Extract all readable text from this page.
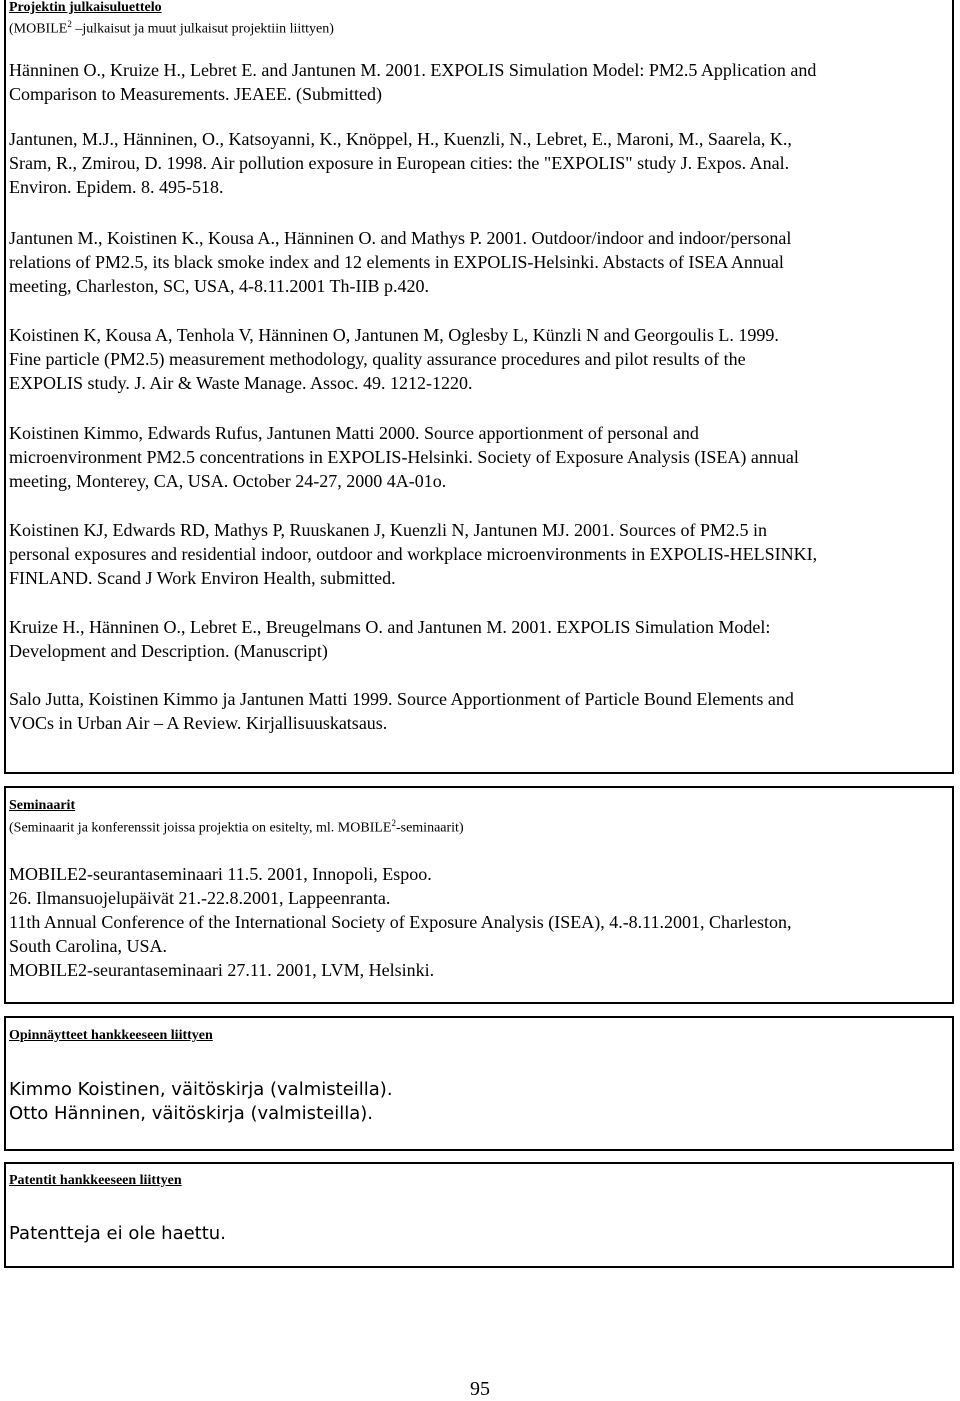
Projektin julkaisuluettelo
(MOBILE$^2$ –julkaisut ja muut julkaisut projektiin liittyen)
Hänninen O., Kruize H., Lebret E. and Jantunen M. 2001. EXPOLIS Simulation Model: PM2.5 Application and
Comparison to Measurements. JEAEE. (Submitted)
Jantunen, M.J., Hänninen, O., Katsoyanni, K., Knöppel, H., Kuenzli, N., Lebret, E., Maroni, M., Saarela, K.,
Sram, R., Zmirou, D. 1998. Air pollution exposure in European cities: the "EXPOLIS" study J. Expos. Anal.
Environ. Epidem. 8. 495-518.
Jantunen M., Koistinen K., Kousa A., Hänninen O. and Mathys P. 2001. Outdoor/indoor and indoor/personal
relations of PM2.5, its black smoke index and 12 elements in EXPOLIS-Helsinki. Abstacts of ISEA Annual
meeting, Charleston, SC, USA, 4-8.11.2001 Th-IIB p.420.
Koistinen K, Kousa A, Tenhola V, Hänninen O, Jantunen M, Oglesby L, Künzli N and Georgoulis L. 1999.
Fine particle (PM2.5) measurement methodology, quality assurance procedures and pilot results of the
EXPOLIS study. J. Air & Waste Manage. Assoc. 49. 1212-1220.
Koistinen Kimmo, Edwards Rufus, Jantunen Matti 2000. Source apportionment of personal and
microenvironment PM2.5 concentrations in EXPOLIS-Helsinki. Society of Exposure Analysis (ISEA) annual
meeting, Monterey, CA, USA. October 24-27, 2000 4A-01o.
Koistinen KJ, Edwards RD, Mathys P, Ruuskanen J, Kuenzli N, Jantunen MJ. 2001. Sources of PM2.5 in
personal exposures and residential indoor, outdoor and workplace microenvironments in EXPOLIS-HELSINKI,
FINLAND. Scand J Work Environ Health, submitted.
Kruize H., Hänninen O., Lebret E., Breugelmans O. and Jantunen M. 2001. EXPOLIS Simulation Model:
Development and Description. (Manuscript)
Salo Jutta, Koistinen Kimmo ja Jantunen Matti 1999. Source Apportionment of Particle Bound Elements and
VOCs in Urban Air – A Review. Kirjallisuuskatsaus.
Seminaarit
(Seminaarit ja konferenssit joissa projektia on esitelty, ml. MOBILE$^2$-seminaarit)
MOBILE2-seurantaseminaari 11.5. 2001, Innopoli, Espoo.
26. Ilmansuojelupäivät 21.-22.8.2001, Lappeenranta.
11th Annual Conference of the International Society of Exposure Analysis (ISEA), 4.-8.11.2001, Charleston,
South Carolina, USA.
MOBILE2-seurantaseminaari 27.11. 2001, LVM, Helsinki.
Opinnäytteet hankkeeseen liittyen
Kimmo Koistinen, väitöskirja (valmisteilla).
Otto Hänninen, väitöskirja (valmisteilla).
Patentit hankkeeseen liittyen
Patentteja ei ole haettu.
95
